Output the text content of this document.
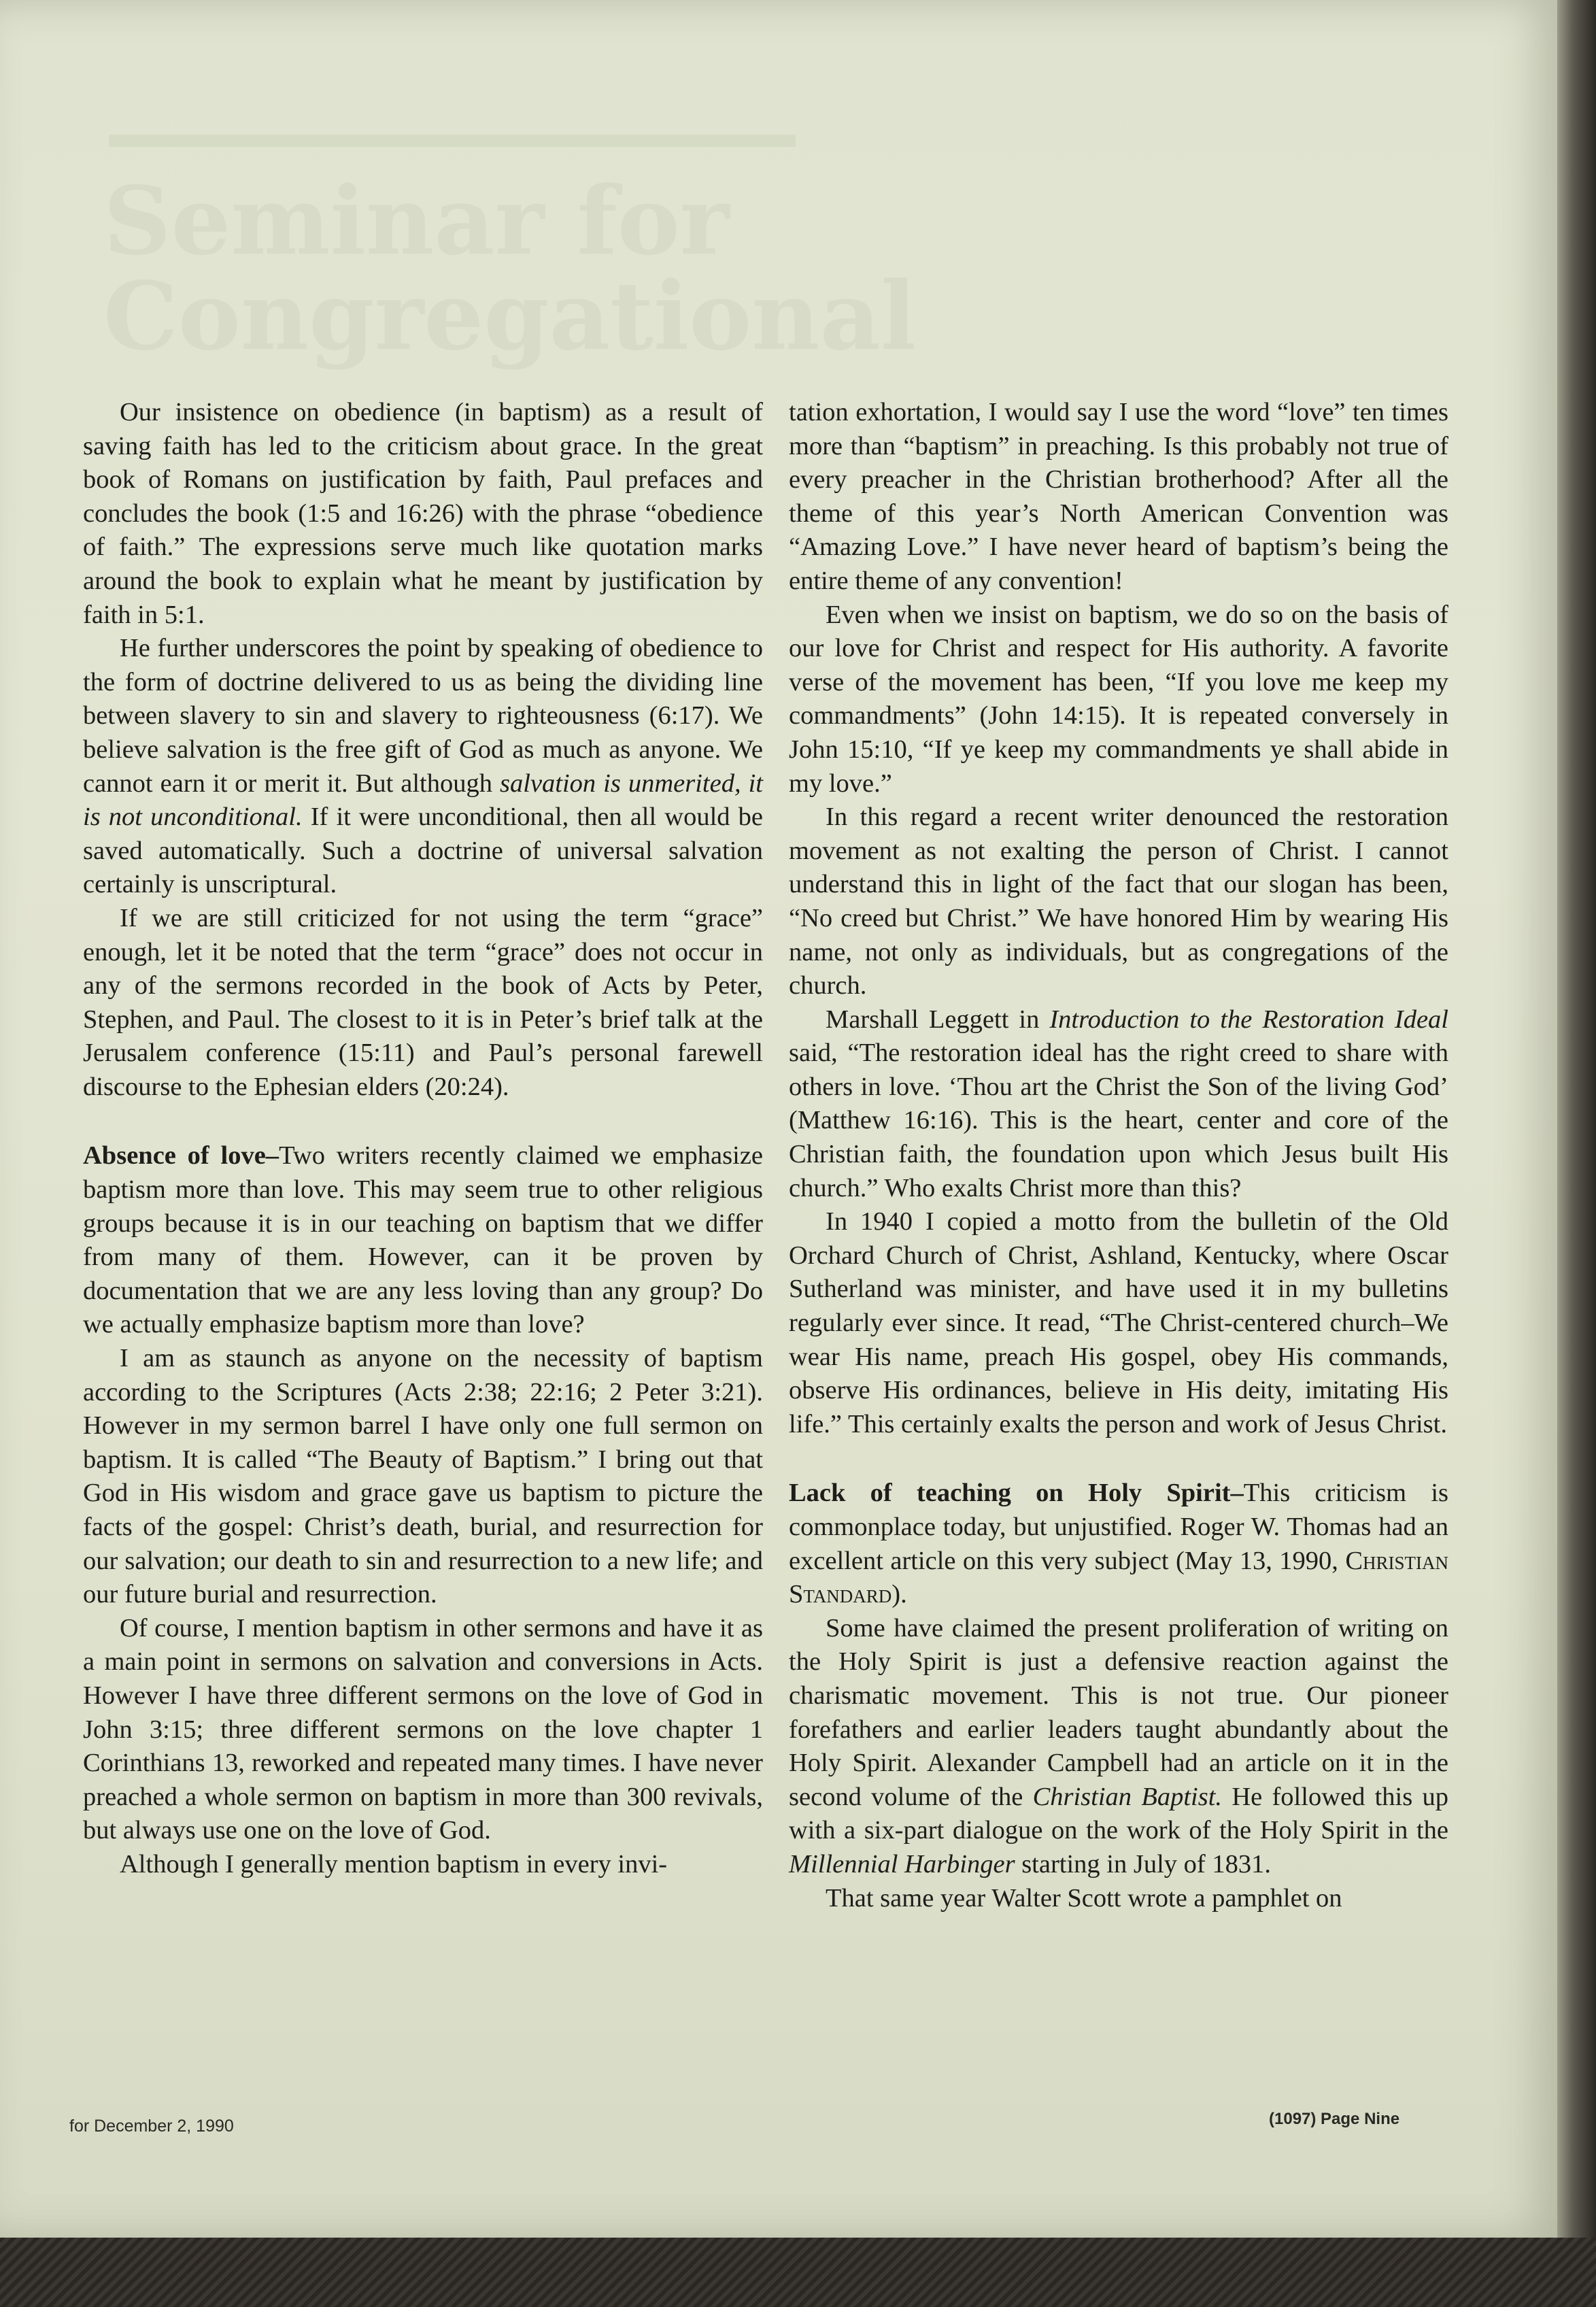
Seminar for
Congregational

Our insistence on obedience (in baptism) as a result of saving faith has led to the criticism about grace. In the great book of Romans on justification by faith, Paul prefaces and concludes the book (1:5 and 16:26) with the phrase “obedience of faith.” The expressions serve much like quotation marks around the book to explain what he meant by justification by faith in 5:1.

He further underscores the point by speaking of obedience to the form of doctrine delivered to us as being the dividing line between slavery to sin and slavery to righteousness (6:17). We believe salvation is the free gift of God as much as anyone. We cannot earn it or merit it. But although salvation is unmerited, it is not unconditional. If it were unconditional, then all would be saved automatically. Such a doctrine of universal salvation certainly is unscriptural.

If we are still criticized for not using the term “grace” enough, let it be noted that the term “grace” does not occur in any of the sermons recorded in the book of Acts by Peter, Stephen, and Paul. The closest to it is in Peter’s brief talk at the Jerusalem conference (15:11) and Paul’s personal farewell discourse to the Ephesian elders (20:24).

Absence of love–Two writers recently claimed we emphasize baptism more than love. This may seem true to other religious groups because it is in our teaching on baptism that we differ from many of them. However, can it be proven by documentation that we are any less loving than any group? Do we actually emphasize baptism more than love?

I am as staunch as anyone on the necessity of baptism according to the Scriptures (Acts 2:38; 22:16; 2 Peter 3:21). However in my sermon barrel I have only one full sermon on baptism. It is called “The Beauty of Baptism.” I bring out that God in His wisdom and grace gave us baptism to picture the facts of the gospel: Christ’s death, burial, and resurrection for our salvation; our death to sin and resurrection to a new life; and our future burial and resurrection.

Of course, I mention baptism in other sermons and have it as a main point in sermons on salvation and conversions in Acts. However I have three different sermons on the love of God in John 3:15; three different sermons on the love chapter 1 Corinthians 13, reworked and repeated many times. I have never preached a whole sermon on baptism in more than 300 revivals, but always use one on the love of God.

Although I generally mention baptism in every invi-

tation exhortation, I would say I use the word “love” ten times more than “baptism” in preaching. Is this probably not true of every preacher in the Christian brotherhood? After all the theme of this year’s North American Convention was “Amazing Love.” I have never heard of baptism’s being the entire theme of any convention!

Even when we insist on baptism, we do so on the basis of our love for Christ and respect for His authority. A favorite verse of the movement has been, “If you love me keep my commandments” (John 14:15). It is repeated conversely in John 15:10, “If ye keep my commandments ye shall abide in my love.”

In this regard a recent writer denounced the restoration movement as not exalting the person of Christ. I cannot understand this in light of the fact that our slogan has been, “No creed but Christ.” We have honored Him by wearing His name, not only as individuals, but as congregations of the church.

Marshall Leggett in Introduction to the Restoration Ideal said, “The restoration ideal has the right creed to share with others in love. ‘Thou art the Christ the Son of the living God’ (Matthew 16:16). This is the heart, center and core of the Christian faith, the foundation upon which Jesus built His church.” Who exalts Christ more than this?

In 1940 I copied a motto from the bulletin of the Old Orchard Church of Christ, Ashland, Kentucky, where Oscar Sutherland was minister, and have used it in my bulletins regularly ever since. It read, “The Christ-centered church–We wear His name, preach His gospel, obey His commands, observe His ordinances, believe in His deity, imitating His life.” This certainly exalts the person and work of Jesus Christ.

Lack of teaching on Holy Spirit–This criticism is commonplace today, but unjustified. Roger W. Thomas had an excellent article on this very subject (May 13, 1990, Christian Standard).

Some have claimed the present proliferation of writing on the Holy Spirit is just a defensive reaction against the charismatic movement. This is not true. Our pioneer forefathers and earlier leaders taught abundantly about the Holy Spirit. Alexander Campbell had an article on it in the second volume of the Christian Baptist. He followed this up with a six-part dialogue on the work of the Holy Spirit in the Millennial Harbinger starting in July of 1831.

That same year Walter Scott wrote a pamphlet on

for December 2, 1990	(1097) Page Nine
